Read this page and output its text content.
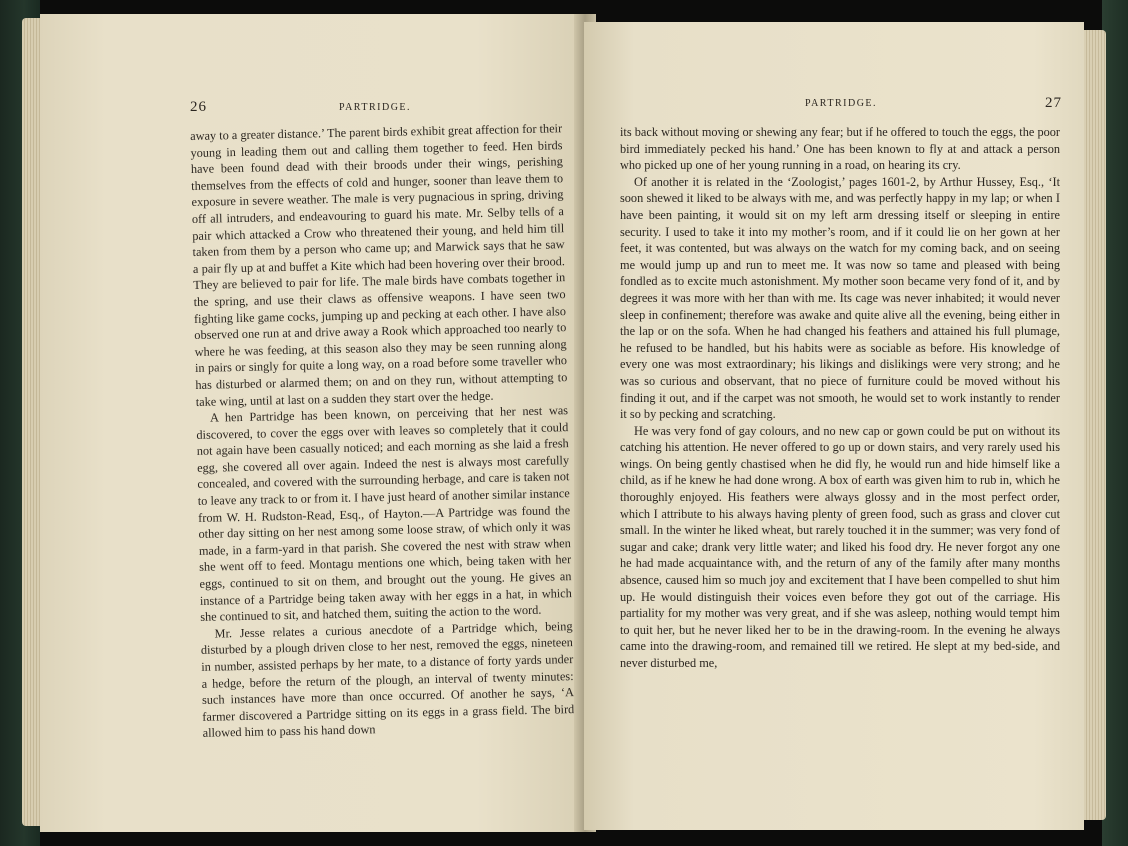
26	PARTRIDGE.

away to a greater distance.’ The parent birds exhibit great affection for their young in leading them out and calling them together to feed. Hen birds have been found dead with their broods under their wings, perishing themselves from the effects of cold and hunger, sooner than leave them to exposure in severe weather. The male is very pugnacious in spring, driving off all intruders, and endeavouring to guard his mate. Mr. Selby tells of a pair which attacked a Crow who threatened their young, and held him till taken from them by a person who came up; and Marwick says that he saw a pair fly up at and buffet a Kite which had been hovering over their brood. They are believed to pair for life. The male birds have combats together in the spring, and use their claws as offensive weapons. I have seen two fighting like game cocks, jumping up and pecking at each other. I have also observed one run at and drive away a Rook which approached too nearly to where he was feeding, at this season also they may be seen running along in pairs or singly for quite a long way, on a road before some traveller who has disturbed or alarmed them; on and on they run, without attempting to take wing, until at last on a sudden they start over the hedge.

A hen Partridge has been known, on perceiving that her nest was discovered, to cover the eggs over with leaves so completely that it could not again have been casually noticed; and each morning as she laid a fresh egg, she covered all over again. Indeed the nest is always most carefully concealed, and covered with the surrounding herbage, and care is taken not to leave any track to or from it. I have just heard of another similar instance from W. H. Rudston-Read, Esq., of Hayton.—A Partridge was found the other day sitting on her nest among some loose straw, of which only it was made, in a farm-yard in that parish. She covered the nest with straw when she went off to feed. Montagu mentions one which, being taken with her eggs, continued to sit on them, and brought out the young. He gives an instance of a Partridge being taken away with her eggs in a hat, in which she continued to sit, and hatched them, suiting the action to the word.

Mr. Jesse relates a curious anecdote of a Partridge which, being disturbed by a plough driven close to her nest, removed the eggs, nineteen in number, assisted perhaps by her mate, to a distance of forty yards under a hedge, before the return of the plough, an interval of twenty minutes: such instances have more than once occurred. Of another he says, ‘A farmer discovered a Partridge sitting on its eggs in a grass field. The bird allowed him to pass his hand down

PARTRIDGE.	27

its back without moving or shewing any fear; but if he offered to touch the eggs, the poor bird immediately pecked his hand.’ One has been known to fly at and attack a person who picked up one of her young running in a road, on hearing its cry.

Of another it is related in the ‘Zoologist,’ pages 1601-2, by Arthur Hussey, Esq., ‘It soon shewed it liked to be always with me, and was perfectly happy in my lap; or when I have been painting, it would sit on my left arm dressing itself or sleeping in entire security. I used to take it into my mother’s room, and if it could lie on her gown at her feet, it was contented, but was always on the watch for my coming back, and on seeing me would jump up and run to meet me. It was now so tame and pleased with being fondled as to excite much astonishment. My mother soon became very fond of it, and by degrees it was more with her than with me. Its cage was never inhabited; it would never sleep in confinement; therefore was awake and quite alive all the evening, being either in the lap or on the sofa. When he had changed his feathers and attained his full plumage, he refused to be handled, but his habits were as sociable as before. His knowledge of every one was most extraordinary; his likings and dislikings were very strong; and he was so curious and observant, that no piece of furniture could be moved without his finding it out, and if the carpet was not smooth, he would set to work instantly to render it so by pecking and scratching.

He was very fond of gay colours, and no new cap or gown could be put on without its catching his attention. He never offered to go up or down stairs, and very rarely used his wings. On being gently chastised when he did fly, he would run and hide himself like a child, as if he knew he had done wrong. A box of earth was given him to rub in, which he thoroughly enjoyed. His feathers were always glossy and in the most perfect order, which I attribute to his always having plenty of green food, such as grass and clover cut small. In the winter he liked wheat, but rarely touched it in the summer; was very fond of sugar and cake; drank very little water; and liked his food dry. He never forgot any one he had made acquaintance with, and the return of any of the family after many months absence, caused him so much joy and excitement that I have been compelled to shut him up. He would distinguish their voices even before they got out of the carriage. His partiality for my mother was very great, and if she was asleep, nothing would tempt him to quit her, but he never liked her to be in the drawing-room. In the evening he always came into the drawing-room, and remained till we retired. He slept at my bed-side, and never disturbed me,
